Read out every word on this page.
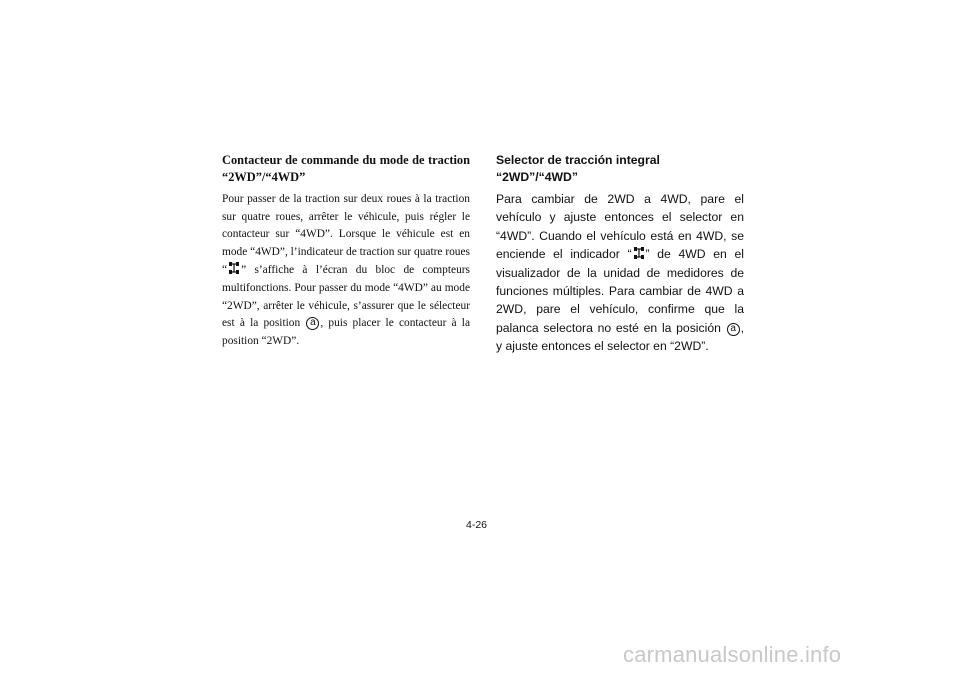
Contacteur de commande du mode de traction “2WD”/“4WD”

Pour passer de la traction sur deux roues à la traction sur quatre roues, arrêter le véhicule, puis régler le contacteur sur “4WD”. Lorsque le véhicule est en mode “4WD”, l’indicateur de traction sur quatre roues “ ” s’affiche à l’écran du bloc de compteurs multifonctions. Pour passer du mode “4WD” au mode “2WD”, arrêter le véhicule, s’assurer que le sélecteur est à la position a , puis placer le contacteur à la position “2WD”.

Selector de tracción integral “2WD”/“4WD”

Para cambiar de 2WD a 4WD, pare el vehículo y ajuste entonces el selector en “4WD”. Cuando el vehículo está en 4WD, se enciende el indicador “ ” de 4WD en el visualizador de la unidad de medidores de funciones múltiples. Para cambiar de 4WD a 2WD, pare el vehículo, confirme que la palanca selectora no esté en la posición a , y ajuste entonces el selector en “2WD”.

4-26
carmanualsonline.info
